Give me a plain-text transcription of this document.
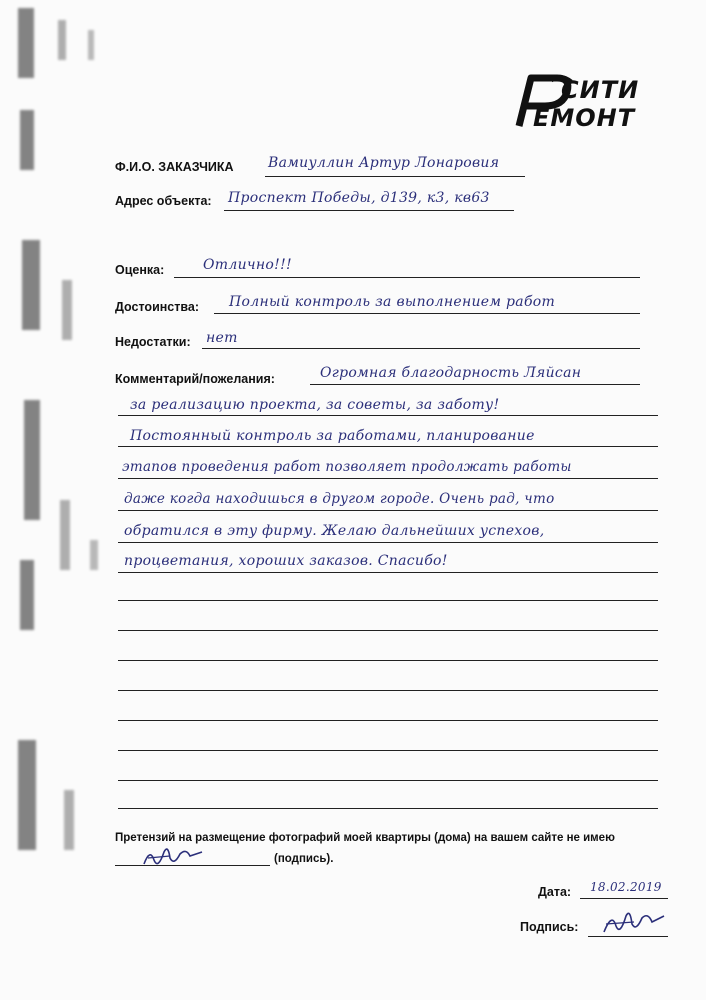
СИТИ
ЕМОНТ
Ф.И.О. ЗАКАЗЧИКА Вамиуллин Артур Лонаровия
Адрес объекта: Проспект Победы, д139, к3, кв63
Оценка:	Отлично!!!
Достоинства: Полный контроль за выполнением работ
Недостатки: нет
Комментарий/пожелания:	Огромная благодарность Ляйсан
за реализацию проекта, за советы, за заботу!
Постоянный контроль за работами, планирование
этапов проведения работ позволяет продолжать работы
даже когда находишься в другом городе. Очень рад, что
обратился в эту фирму. Желаю дальнейших успехов,
процветания, хороших заказов. Спасибо!
Претензий на размещение фотографий моей квартиры (дома) на вашем сайте не имею
(подпись).
Дата: 18.02.2019
Подпись:
